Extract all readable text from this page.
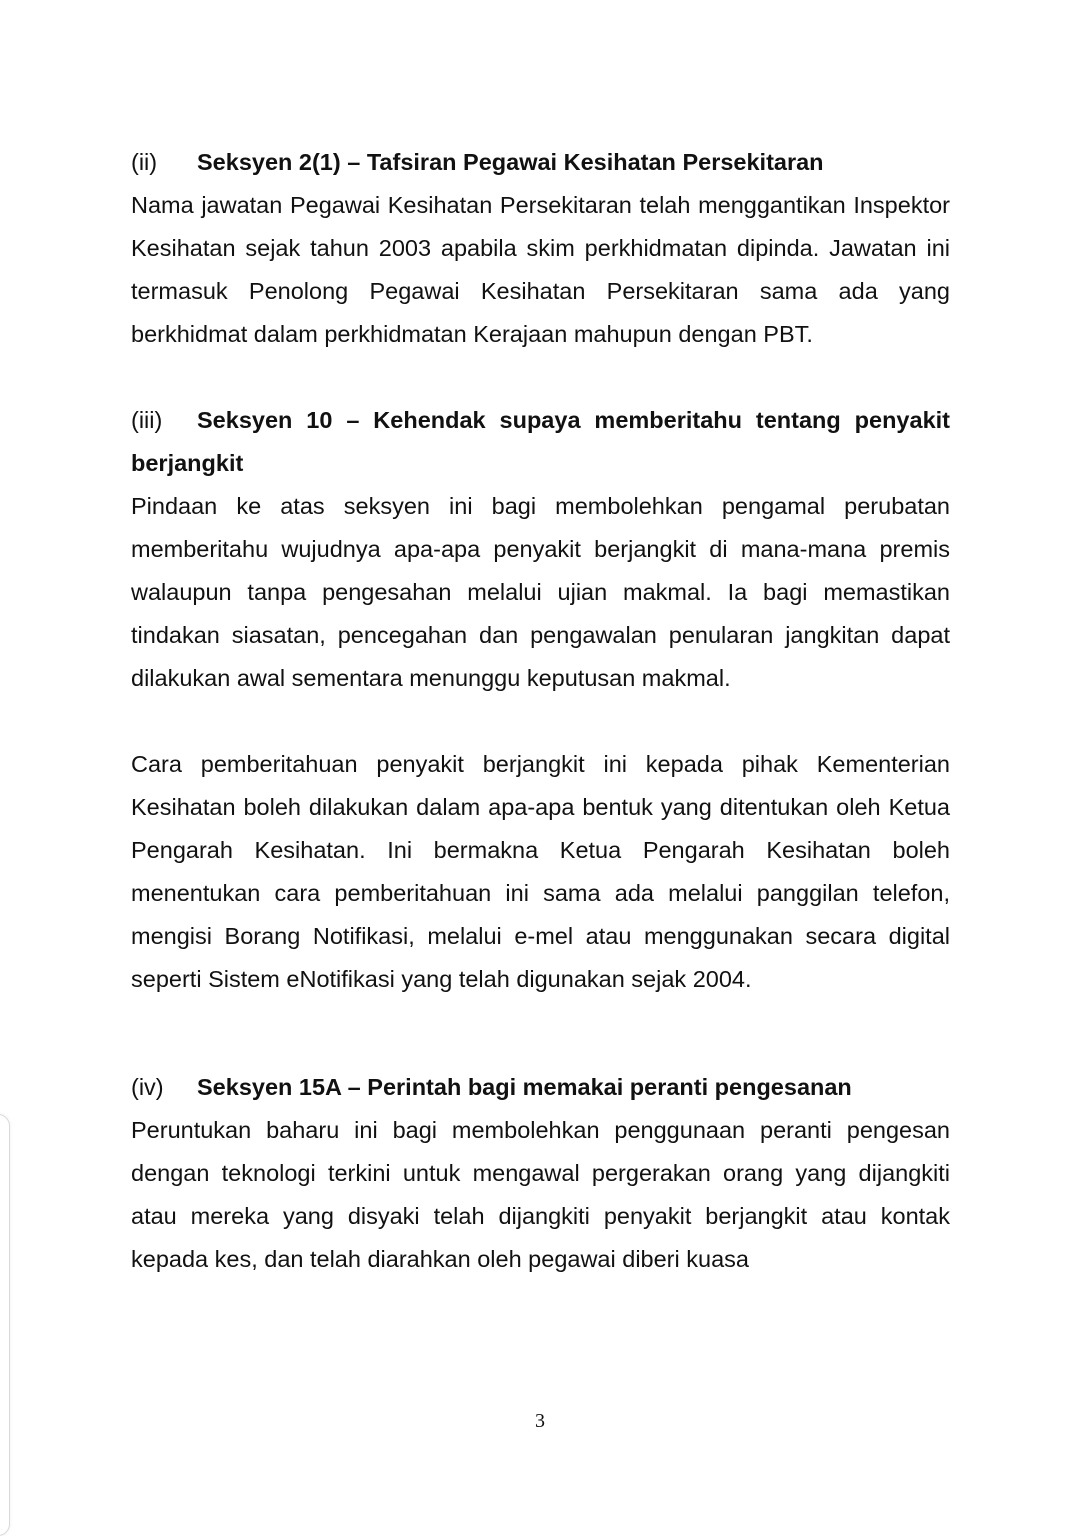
(ii) Seksyen 2(1) – Tafsiran Pegawai Kesihatan Persekitaran

Nama jawatan Pegawai Kesihatan Persekitaran telah menggantikan Inspektor Kesihatan sejak tahun 2003 apabila skim perkhidmatan dipinda. Jawatan ini termasuk Penolong Pegawai Kesihatan Persekitaran sama ada yang berkhidmat dalam perkhidmatan Kerajaan mahupun dengan PBT.

(iii) Seksyen 10 – Kehendak supaya memberitahu tentang penyakit berjangkit

Pindaan ke atas seksyen ini bagi membolehkan pengamal perubatan memberitahu wujudnya apa-apa penyakit berjangkit di mana-mana premis walaupun tanpa pengesahan melalui ujian makmal. Ia bagi memastikan tindakan siasatan, pencegahan dan pengawalan penularan jangkitan dapat dilakukan awal sementara menunggu keputusan makmal.

Cara pemberitahuan penyakit berjangkit ini kepada pihak Kementerian Kesihatan boleh dilakukan dalam apa-apa bentuk yang ditentukan oleh Ketua Pengarah Kesihatan. Ini bermakna Ketua Pengarah Kesihatan boleh menentukan cara pemberitahuan ini sama ada melalui panggilan telefon, mengisi Borang Notifikasi, melalui e-mel atau menggunakan secara digital seperti Sistem eNotifikasi yang telah digunakan sejak 2004.

(iv) Seksyen 15A – Perintah bagi memakai peranti pengesanan

Peruntukan baharu ini bagi membolehkan penggunaan peranti pengesan dengan teknologi terkini untuk mengawal pergerakan orang yang dijangkiti atau mereka yang disyaki telah dijangkiti penyakit berjangkit atau kontak kepada kes, dan telah diarahkan oleh pegawai diberi kuasa

3
